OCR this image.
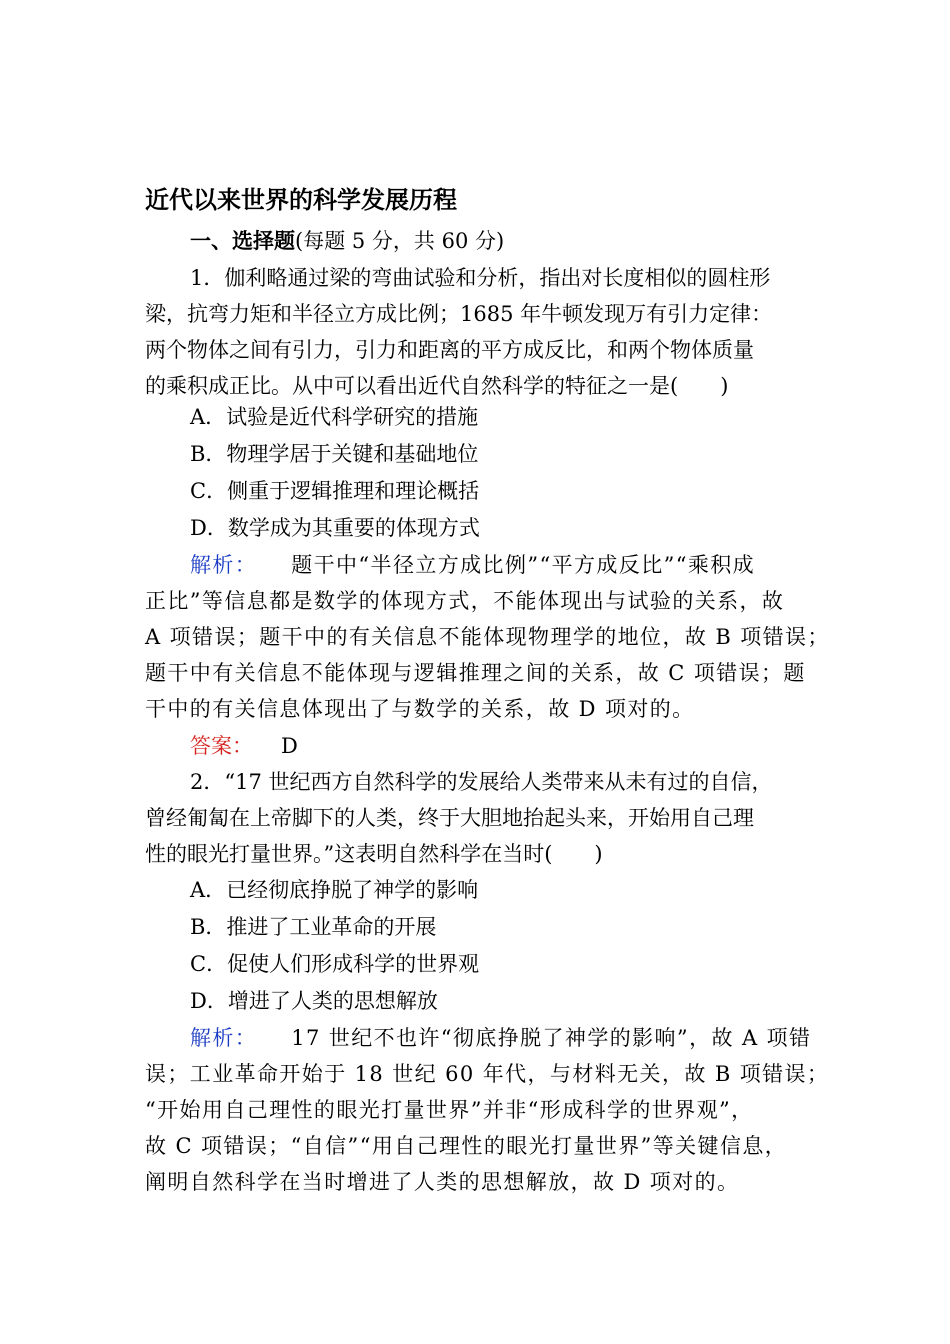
近代以来世界的科学发展历程
一、选择题(每题 5 分，共 60 分)
1．伽利略通过梁的弯曲试验和分析，指出对长度相似的圆柱形
梁，抗弯力矩和半径立方成比例；1685 年牛顿发现万有引力定律：
两个物体之间有引力，引力和距离的平方成反比，和两个物体质量
的乘积成正比。从中可以看出近代自然科学的特征之一是(　　)
A．试验是近代科学研究的措施
B．物理学居于关键和基础地位
C．侧重于逻辑推理和理论概括
D．数学成为其重要的体现方式
解析： 题干中“半径立方成比例”“平方成反比”“乘积成
正比”等信息都是数学的体现方式，不能体现出与试验的关系，故
A 项错误；题干中的有关信息不能体现物理学的地位，故 B 项错误；
题干中有关信息不能体现与逻辑推理之间的关系，故 C 项错误；题
干中的有关信息体现出了与数学的关系，故 D 项对的。
答案： D
2．“17 世纪西方自然科学的发展给人类带来从未有过的自信，
曾经匍匐在上帝脚下的人类，终于大胆地抬起头来，开始用自己理
性的眼光打量世界。”这表明自然科学在当时(　　)
A．已经彻底挣脱了神学的影响
B．推进了工业革命的开展
C．促使人们形成科学的世界观
D．增进了人类的思想解放
解析： 17 世纪不也许“彻底挣脱了神学的影响”，故 A 项错
误；工业革命开始于 18 世纪 60 年代，与材料无关，故 B 项错误；
“开始用自己理性的眼光打量世界”并非“形成科学的世界观”，
故 C 项错误；“自信”“用自己理性的眼光打量世界”等关键信息，
阐明自然科学在当时增进了人类的思想解放，故 D 项对的。
